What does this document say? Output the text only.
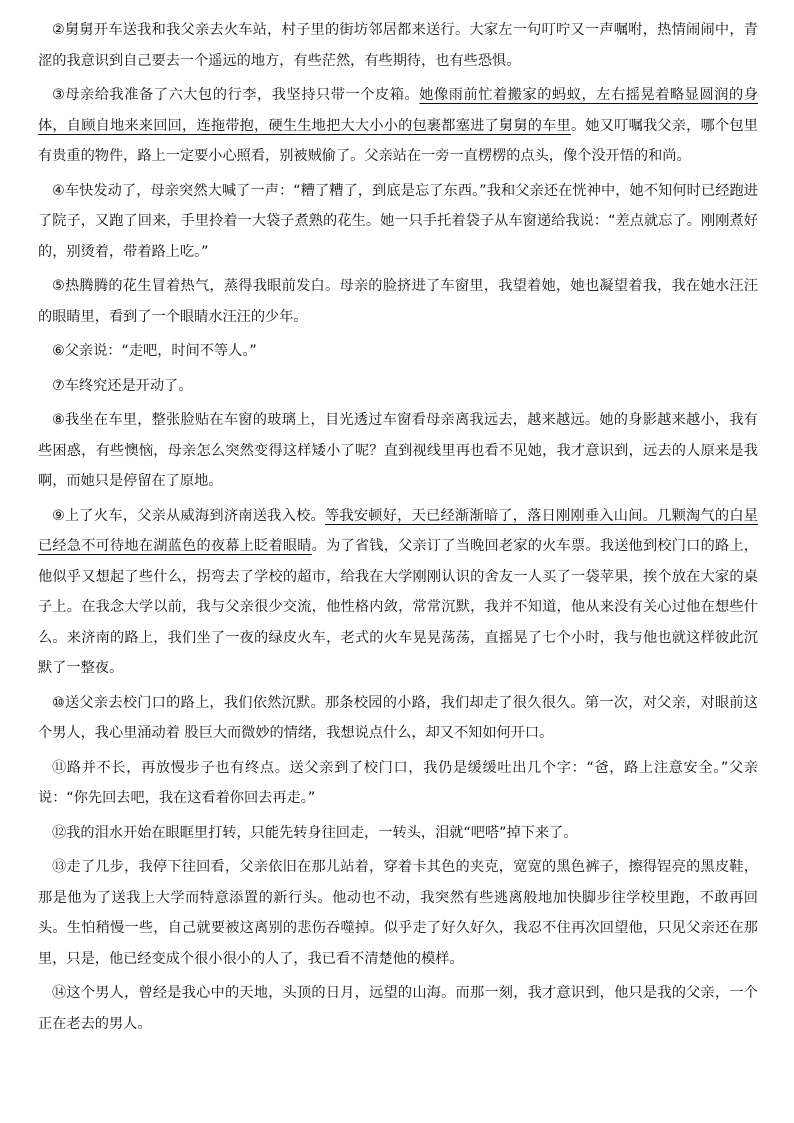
②舅舅开车送我和我父亲去火车站，村子里的街坊邻居都来送行。大家左一句叮咛又一声嘱咐，热情闹闹中，青涩的我意识到自己要去一个遥远的地方，有些茫然，有些期待，也有些恐惧。

③母亲给我准备了六大包的行李，我坚持只带一个皮箱。她像雨前忙着搬家的蚂蚁，左右摇晃着略显圆润的身体，自顾自地来来回回，连拖带抱，硬生生地把大大小小的包裹都塞进了舅舅的车里。她又叮嘱我父亲，哪个包里有贵重的物件，路上一定要小心照看，别被贼偷了。父亲站在一旁一直楞楞的点头，像个没开悟的和尚。

④车快发动了，母亲突然大喊了一声：“糟了糟了，到底是忘了东西。”我和父亲还在恍神中，她不知何时已经跑进了院子，又跑了回来，手里拎着一大袋子煮熟的花生。她一只手托着袋子从车窗递给我说：“差点就忘了。刚刚煮好的，别烫着，带着路上吃。”

⑤热腾腾的花生冒着热气，蒸得我眼前发白。母亲的脸挤进了车窗里，我望着她，她也凝望着我，我在她水汪汪的眼睛里，看到了一个眼睛水汪汪的少年。

⑥父亲说：“走吧，时间不等人。”

⑦车终究还是开动了。

⑧我坐在车里，整张脸贴在车窗的玻璃上，目光透过车窗看母亲离我远去，越来越远。她的身影越来越小，我有些困惑，有些懊恼，母亲怎么突然变得这样矮小了呢？直到视线里再也看不见她，我才意识到，远去的人原来是我啊，而她只是停留在了原地。

⑨上了火车，父亲从威海到济南送我入校。等我安顿好，天已经渐渐暗了，落日刚刚垂入山间。几颗淘气的白星已经急不可待地在湖蓝色的夜幕上眨着眼睛。为了省钱，父亲订了当晚回老家的火车票。我送他到校门口的路上，他似乎又想起了些什么，拐弯去了学校的超市，给我在大学刚刚认识的舍友一人买了一袋苹果，挨个放在大家的桌子上。在我念大学以前，我与父亲很少交流，他性格内敛，常常沉默，我并不知道，他从来没有关心过他在想些什么。来济南的路上，我们坐了一夜的绿皮火车，老式的火车晃晃荡荡，直摇晃了七个小时，我与他也就这样彼此沉默了一整夜。

⑩送父亲去校门口的路上，我们依然沉默。那条校园的小路，我们却走了很久很久。第一次，对父亲，对眼前这个男人，我心里涌动着 股巨大而微妙的情绪，我想说点什么，却又不知如何开口。

⑪路并不长，再放慢步子也有终点。送父亲到了校门口，我仍是缓缓吐出几个字：“爸，路上注意安全。”父亲说：“你先回去吧，我在这看着你回去再走。”

⑫我的泪水开始在眼眶里打转，只能先转身往回走，一转头，泪就“吧嗒”掉下来了。

⑬走了几步，我停下往回看，父亲依旧在那儿站着，穿着卡其色的夹克，宽宽的黑色裤子，擦得锃亮的黑皮鞋，那是他为了送我上大学而特意添置的新行头。他动也不动，我突然有些逃离般地加快脚步往学校里跑，不敢再回头。生怕稍慢一些，自己就要被这离别的悲伤吞噬掉。似乎走了好久好久，我忍不住再次回望他，只见父亲还在那里，只是，他已经变成个很小很小的人了，我已看不清楚他的模样。

⑭这个男人，曾经是我心中的天地，头顶的日月，远望的山海。而那一刻，我才意识到，他只是我的父亲，一个正在老去的男人。
